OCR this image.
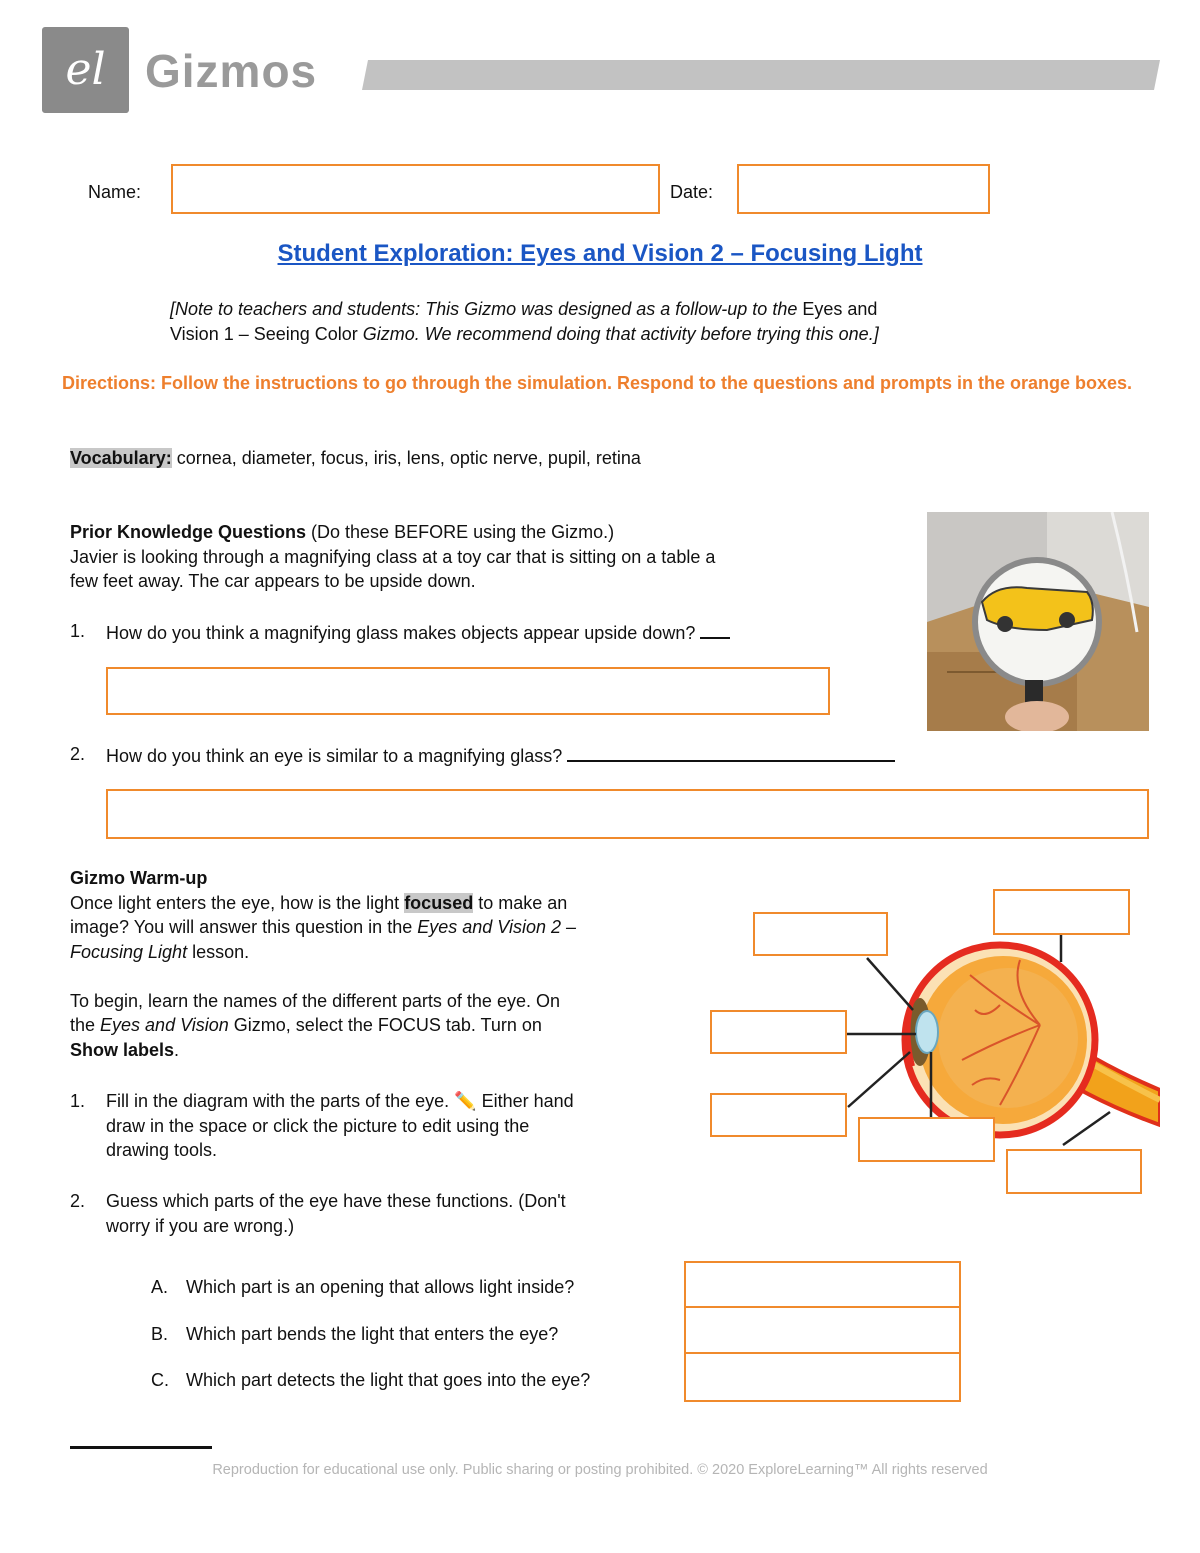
el Gizmos
Name:	Date:
Student Exploration: Eyes and Vision 2 – Focusing Light
[Note to teachers and students: This Gizmo was designed as a follow-up to the Eyes and
Vision 1 – Seeing Color Gizmo. We recommend doing that activity before trying this one.]
Directions: Follow the instructions to go through the simulation. Respond to the questions and prompts in the orange boxes.
Vocabulary: cornea, diameter, focus, iris, lens, optic nerve, pupil, retina
Prior Knowledge Questions (Do these BEFORE using the Gizmo.)
Javier is looking through a magnifying class at a toy car that is sitting on a table a
few feet away. The car appears to be upside down.
1. How do you think a magnifying glass makes objects appear upside down?
2. How do you think an eye is similar to a magnifying glass?
Gizmo Warm-up
Once light enters the eye, how is the light focused to make an
image? You will answer this question in the Eyes and Vision 2 –
Focusing Light lesson.

To begin, learn the names of the different parts of the eye. On
the Eyes and Vision Gizmo, select the FOCUS tab. Turn on
Show labels.
1. Fill in the diagram with the parts of the eye. ✏️ Either hand
draw in the space or click the picture to edit using the
drawing tools.
2. Guess which parts of the eye have these functions. (Don't
worry if you are wrong.)
A. Which part is an opening that allows light inside?
B. Which part bends the light that enters the eye?
C. Which part detects the light that goes into the eye?
Reproduction for educational use only. Public sharing or posting prohibited. © 2020 ExploreLearning™ All rights reserved
